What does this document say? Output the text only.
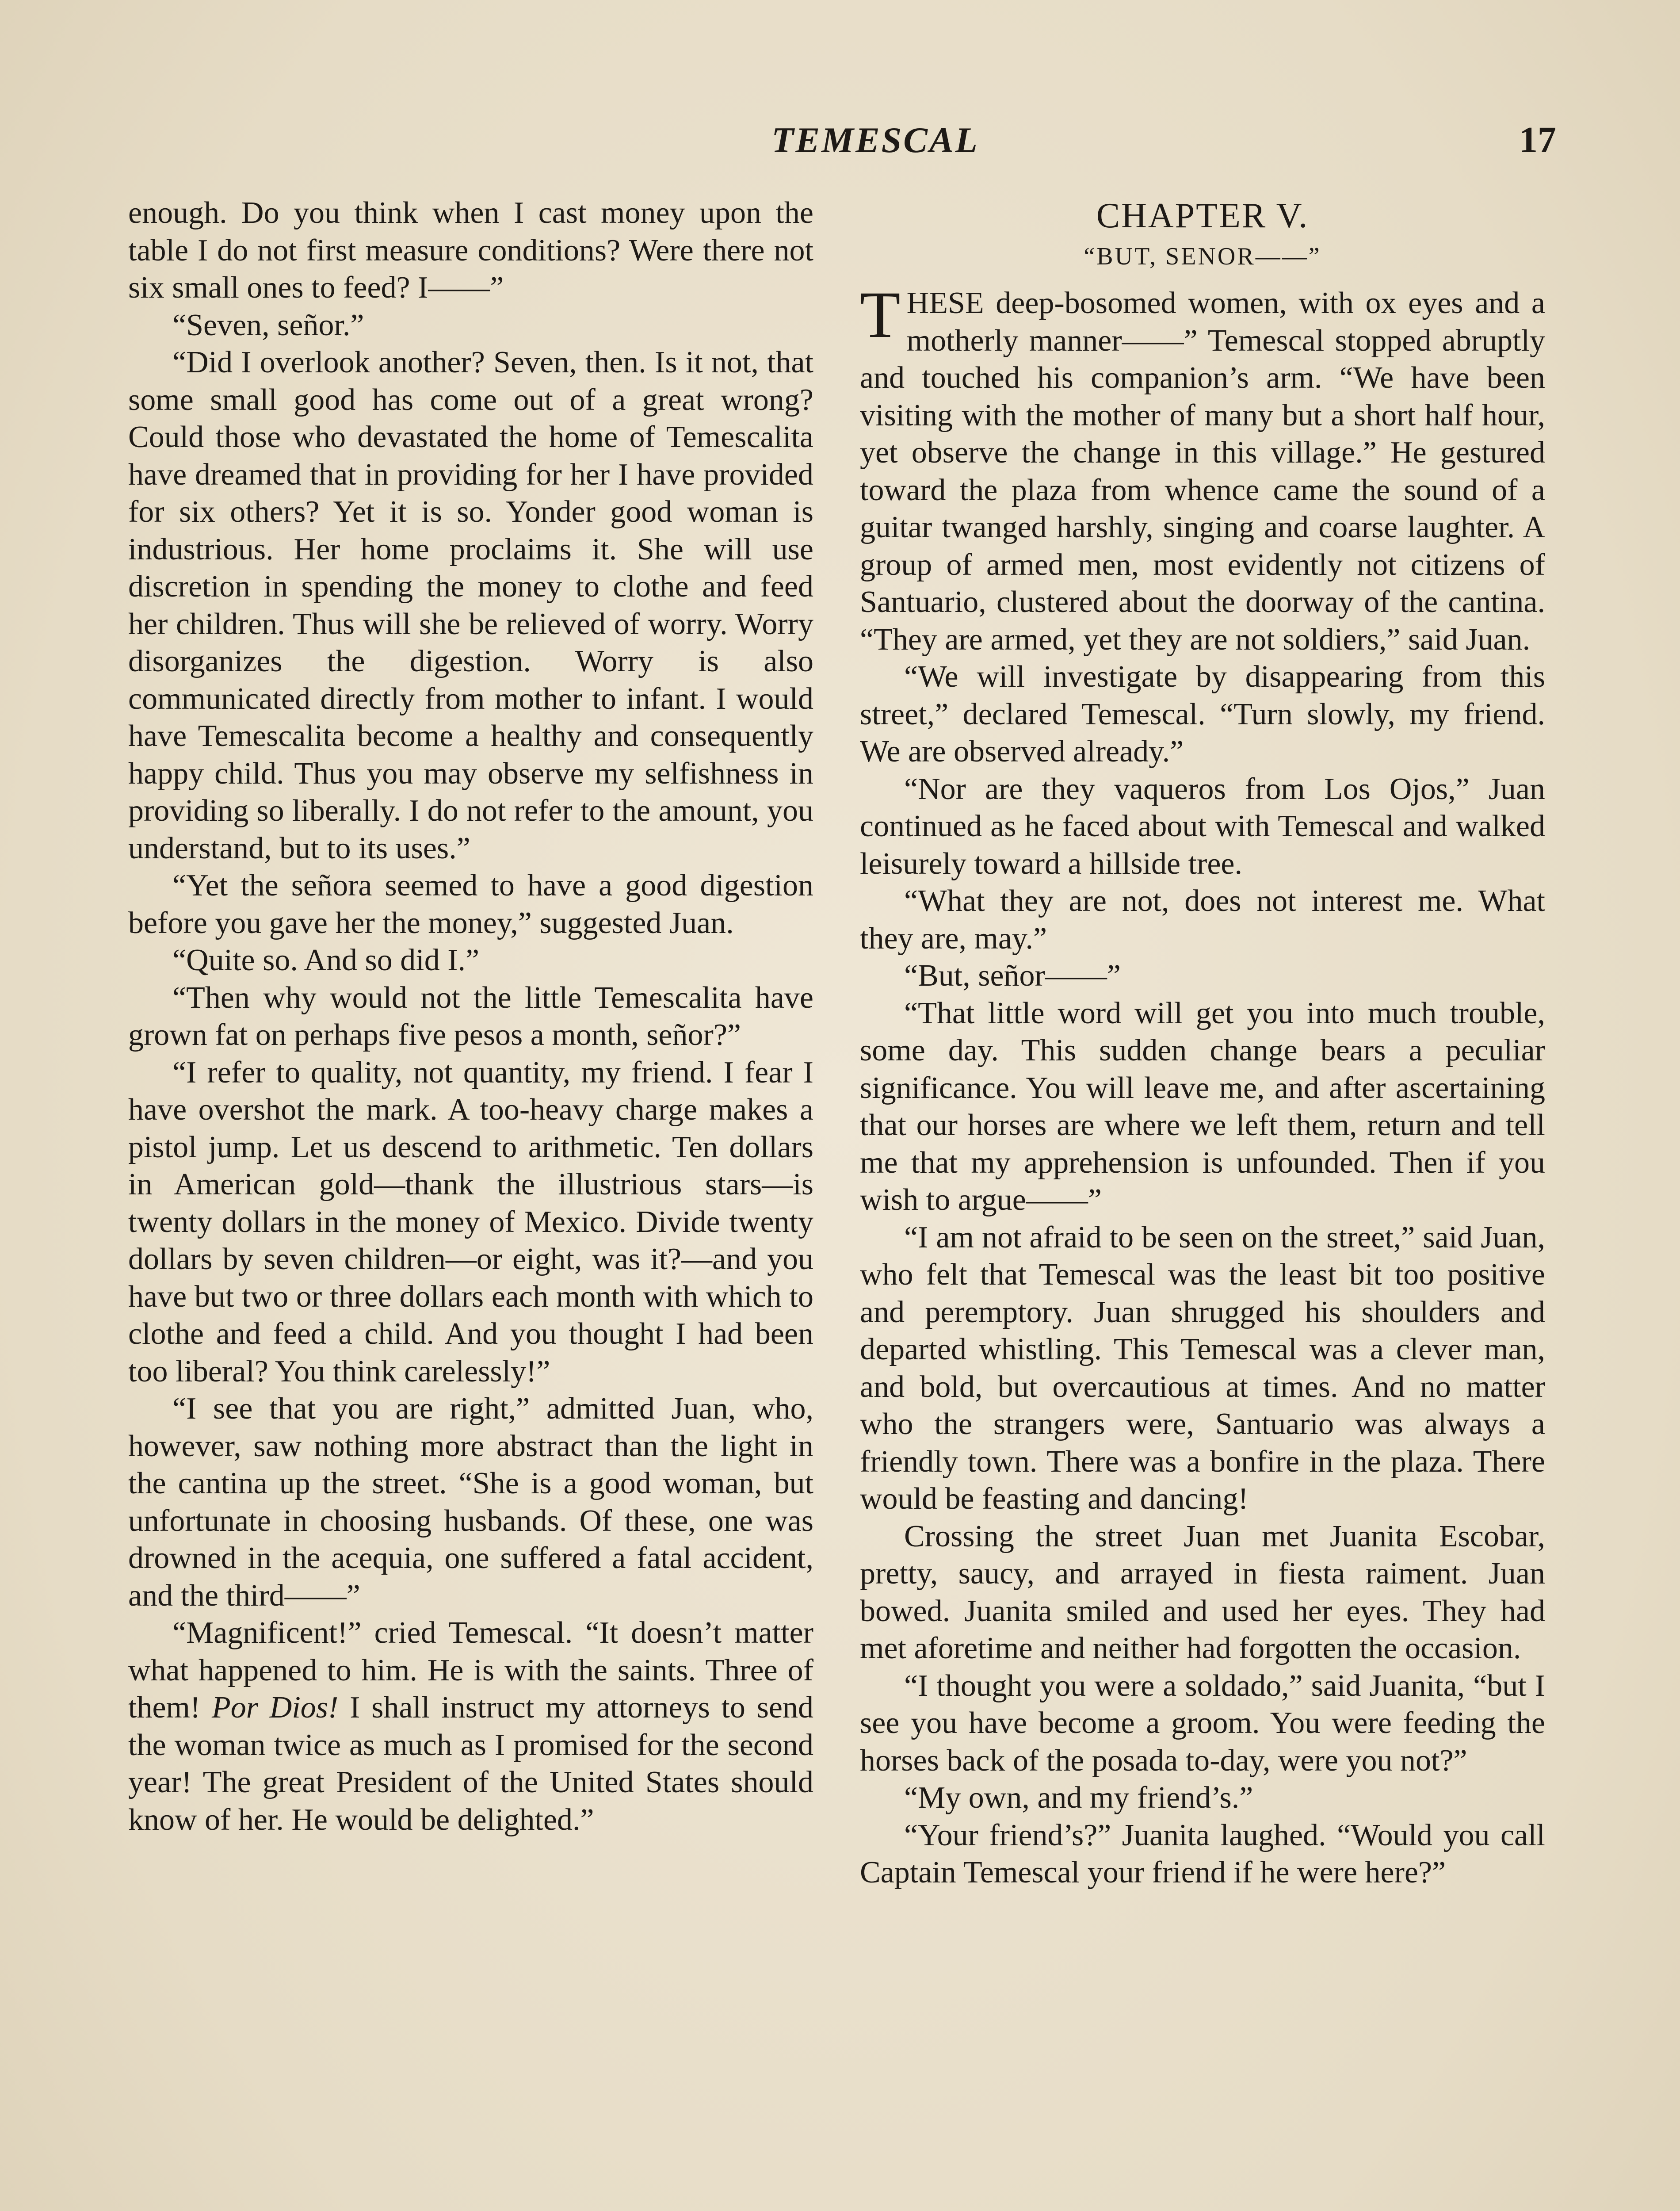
TEMESCAL	17

enough. Do you think when I cast money upon the table I do not first measure conditions? Were there not six small ones to feed? I——”

“Seven, señor.”

“Did I overlook another? Seven, then. Is it not, that some small good has come out of a great wrong? Could those who devastated the home of Temescalita have dreamed that in providing for her I have provided for six others? Yet it is so. Yonder good woman is industrious. Her home proclaims it. She will use discretion in spending the money to clothe and feed her children. Thus will she be relieved of worry. Worry disorganizes the digestion. Worry is also communicated directly from mother to infant. I would have Temescalita become a healthy and consequently happy child. Thus you may observe my selfishness in providing so liberally. I do not refer to the amount, you understand, but to its uses.”

“Yet the señora seemed to have a good digestion before you gave her the money,” suggested Juan.

“Quite so. And so did I.”

“Then why would not the little Temescalita have grown fat on perhaps five pesos a month, señor?”

“I refer to quality, not quantity, my friend. I fear I have overshot the mark. A too-heavy charge makes a pistol jump. Let us descend to arithmetic. Ten dollars in American gold—thank the illustrious stars—is twenty dollars in the money of Mexico. Divide twenty dollars by seven children—or eight, was it?—and you have but two or three dollars each month with which to clothe and feed a child. And you thought I had been too liberal? You think carelessly!”

“I see that you are right,” admitted Juan, who, however, saw nothing more abstract than the light in the cantina up the street. “She is a good woman, but unfortunate in choosing husbands. Of these, one was drowned in the acequia, one suffered a fatal accident, and the third——”

“Magnificent!” cried Temescal. “It doesn’t matter what happened to him. He is with the saints. Three of them! Por Dios! I shall instruct my attorneys to send the woman twice as much as I promised for the second year! The great President of the United States should know of her. He would be delighted.”

CHAPTER V.
“BUT, SENOR——”

THESE deep-bosomed women, with ox eyes and a motherly manner——” Temescal stopped abruptly and touched his companion’s arm. “We have been visiting with the mother of many but a short half hour, yet observe the change in this village.” He gestured toward the plaza from whence came the sound of a guitar twanged harshly, singing and coarse laughter. A group of armed men, most evidently not citizens of Santuario, clustered about the doorway of the cantina. “They are armed, yet they are not soldiers,” said Juan.

“We will investigate by disappearing from this street,” declared Temescal. “Turn slowly, my friend. We are observed already.”

“Nor are they vaqueros from Los Ojos,” Juan continued as he faced about with Temescal and walked leisurely toward a hillside tree.

“What they are not, does not interest me. What they are, may.”

“But, señor——”

“That little word will get you into much trouble, some day. This sudden change bears a peculiar significance. You will leave me, and after ascertaining that our horses are where we left them, return and tell me that my apprehension is unfounded. Then if you wish to argue——”

“I am not afraid to be seen on the street,” said Juan, who felt that Temescal was the least bit too positive and peremptory. Juan shrugged his shoulders and departed whistling. This Temescal was a clever man, and bold, but overcautious at times. And no matter who the strangers were, Santuario was always a friendly town. There was a bonfire in the plaza. There would be feasting and dancing!

Crossing the street Juan met Juanita Escobar, pretty, saucy, and arrayed in fiesta raiment. Juan bowed. Juanita smiled and used her eyes. They had met aforetime and neither had forgotten the occasion.

“I thought you were a soldado,” said Juanita, “but I see you have become a groom. You were feeding the horses back of the posada to-day, were you not?”

“My own, and my friend’s.”

“Your friend’s?” Juanita laughed. “Would you call Captain Temescal your friend if he were here?”
